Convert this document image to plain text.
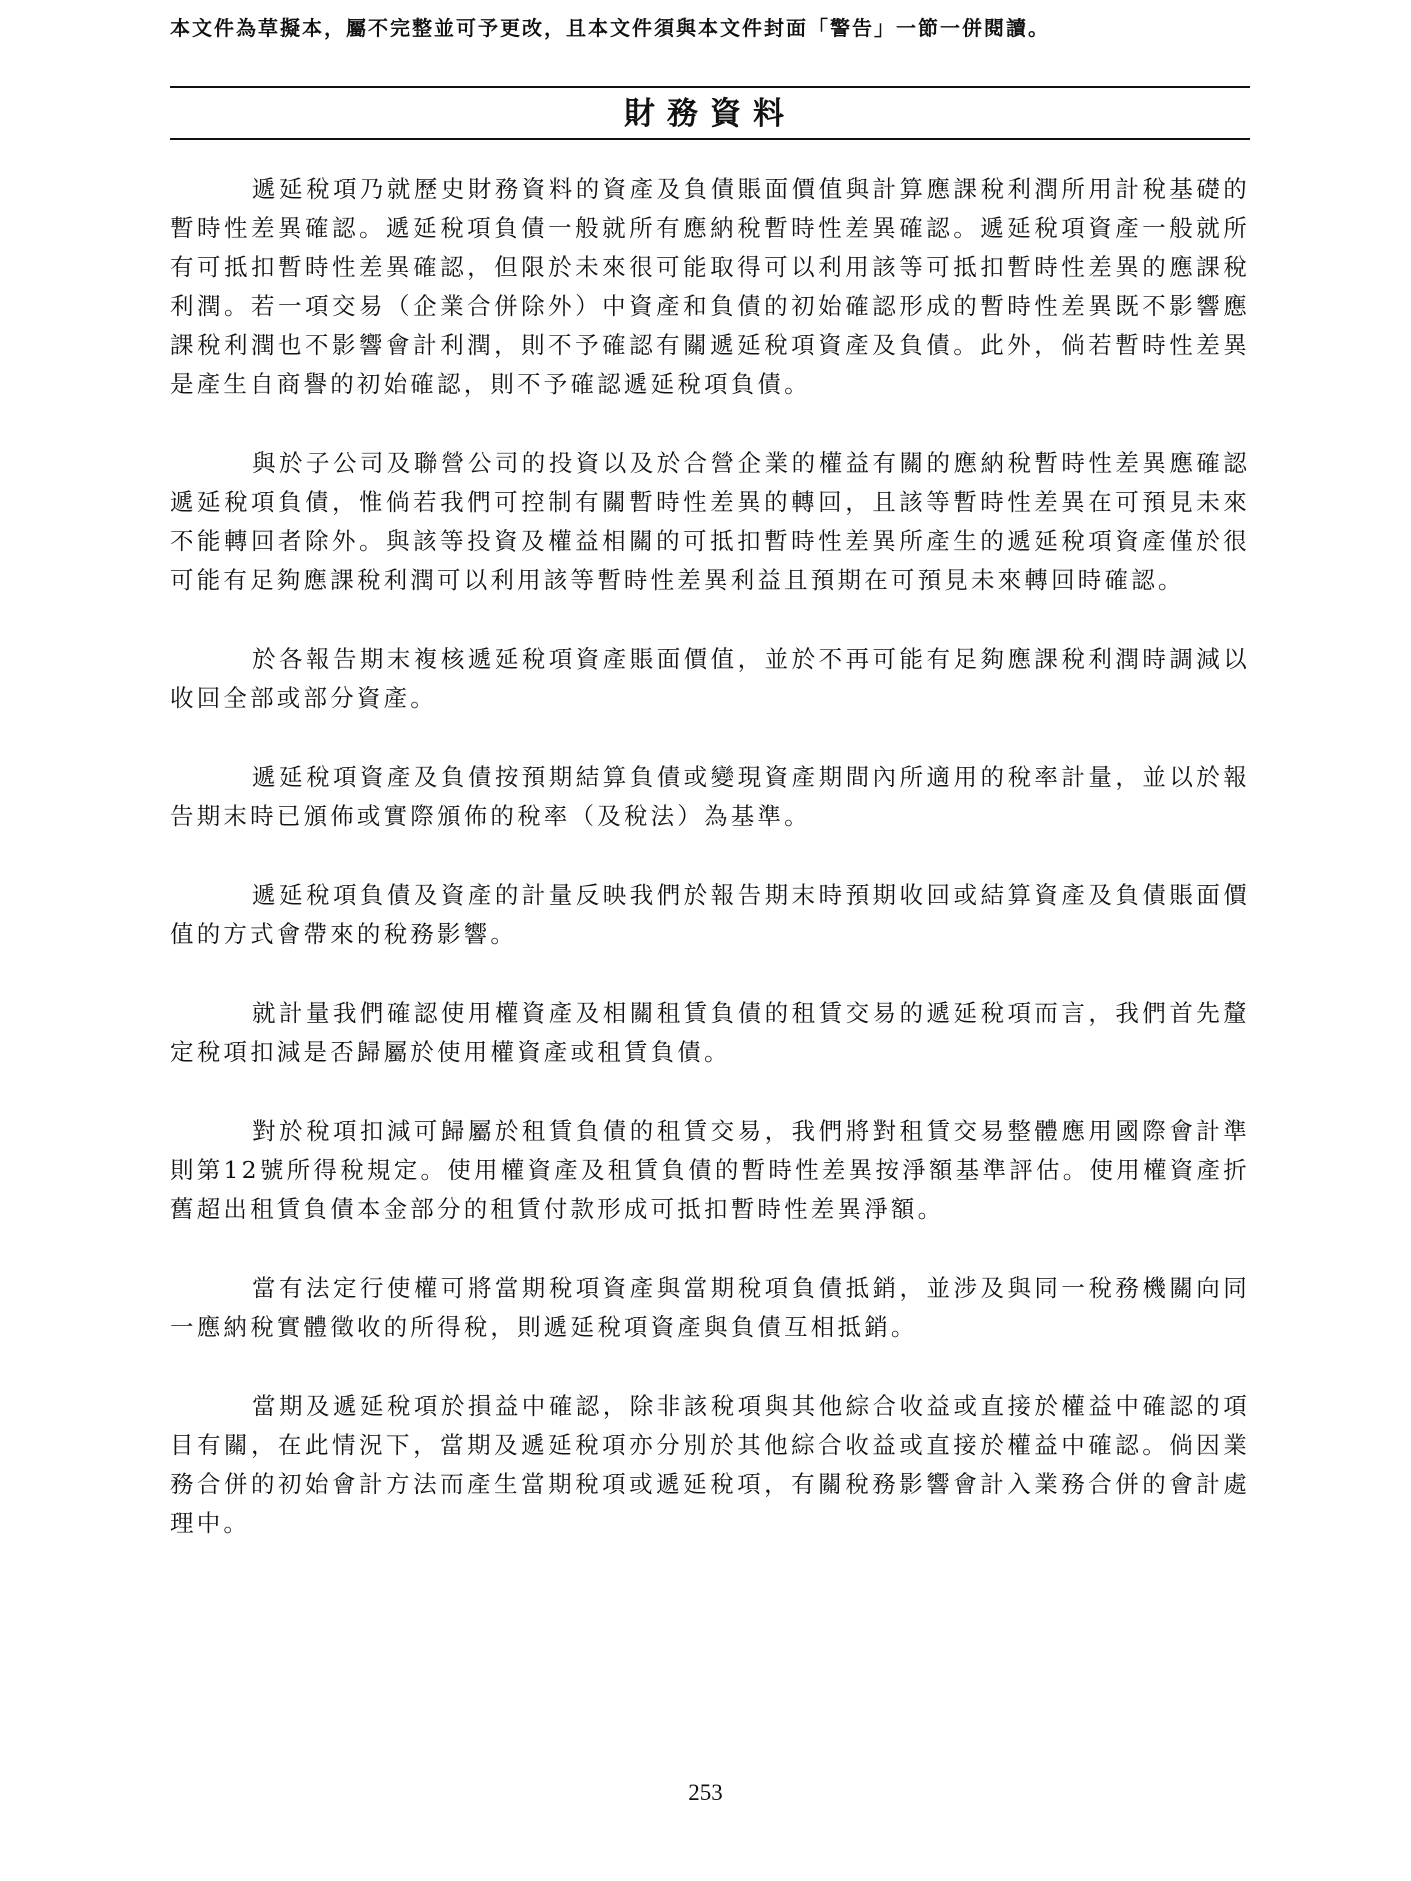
本文件為草擬本，屬不完整並可予更改，且本文件須與本文件封面「警告」一節一併閱讀。
財務資料

遞延稅項乃就歷史財務資料的資產及負債賬面價值與計算應課稅利潤所用計稅基礎的暫時性差異確認。遞延稅項負債一般就所有應納稅暫時性差異確認。遞延稅項資產一般就所有可抵扣暫時性差異確認，但限於未來很可能取得可以利用該等可抵扣暫時性差異的應課稅利潤。若一項交易（企業合併除外）中資產和負債的初始確認形成的暫時性差異既不影響應課稅利潤也不影響會計利潤，則不予確認有關遞延稅項資產及負債。此外，倘若暫時性差異是產生自商譽的初始確認，則不予確認遞延稅項負債。

與於子公司及聯營公司的投資以及於合營企業的權益有關的應納稅暫時性差異應確認遞延稅項負債，惟倘若我們可控制有關暫時性差異的轉回，且該等暫時性差異在可預見未來不能轉回者除外。與該等投資及權益相關的可抵扣暫時性差異所產生的遞延稅項資產僅於很可能有足夠應課稅利潤可以利用該等暫時性差異利益且預期在可預見未來轉回時確認。

於各報告期末複核遞延稅項資產賬面價值，並於不再可能有足夠應課稅利潤時調減以收回全部或部分資產。

遞延稅項資產及負債按預期結算負債或變現資產期間內所適用的稅率計量，並以於報告期末時已頒佈或實際頒佈的稅率（及稅法）為基準。

遞延稅項負債及資產的計量反映我們於報告期末時預期收回或結算資產及負債賬面價值的方式會帶來的稅務影響。

就計量我們確認使用權資產及相關租賃負債的租賃交易的遞延稅項而言，我們首先釐定稅項扣減是否歸屬於使用權資產或租賃負債。

對於稅項扣減可歸屬於租賃負債的租賃交易，我們將對租賃交易整體應用國際會計準則第12號所得稅規定。使用權資產及租賃負債的暫時性差異按淨額基準評估。使用權資產折舊超出租賃負債本金部分的租賃付款形成可抵扣暫時性差異淨額。

當有法定行使權可將當期稅項資產與當期稅項負債抵銷，並涉及與同一稅務機關向同一應納稅實體徵收的所得稅，則遞延稅項資產與負債互相抵銷。

當期及遞延稅項於損益中確認，除非該稅項與其他綜合收益或直接於權益中確認的項目有關，在此情況下，當期及遞延稅項亦分別於其他綜合收益或直接於權益中確認。倘因業務合併的初始會計方法而產生當期稅項或遞延稅項，有關稅務影響會計入業務合併的會計處理中。

253
